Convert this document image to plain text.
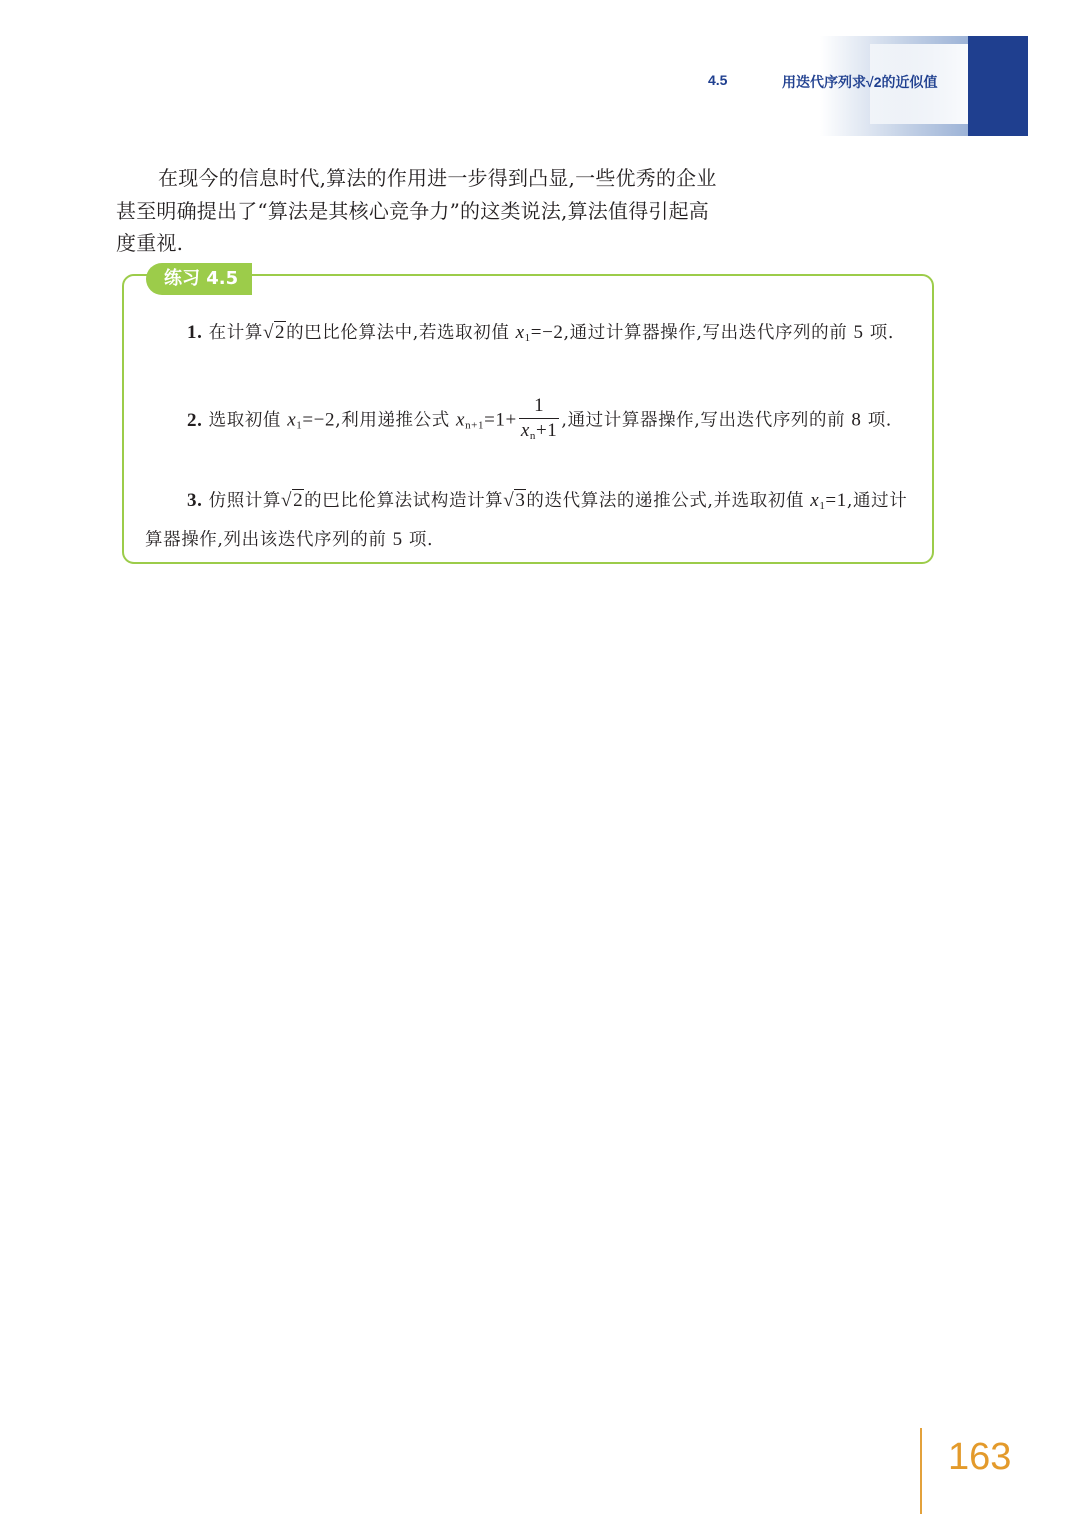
4.5	用迭代序列求√2的近似值

在现今的信息时代,算法的作用进一步得到凸显,一些优秀的企业甚至明确提出了“算法是其核心竞争力”的这类说法,算法值得引起高度重视.

练习 4.5

1. 在计算√2的巴比伦算法中,若选取初值 $x_1=-2$,通过计算器操作,写出迭代序列的前 5 项.

2. 选取初值 $x_1=-2$,利用递推公式 $x_{n+1}=1+ \frac{1}{x_n+1}$ ,通过计算器操作,写出迭代序列的前 8 项.

3. 仿照计算√2的巴比伦算法试构造计算√3的迭代算法的递推公式,并选取初值 $x_1=1$,通过计算器操作,列出该迭代序列的前 5 项.

163
